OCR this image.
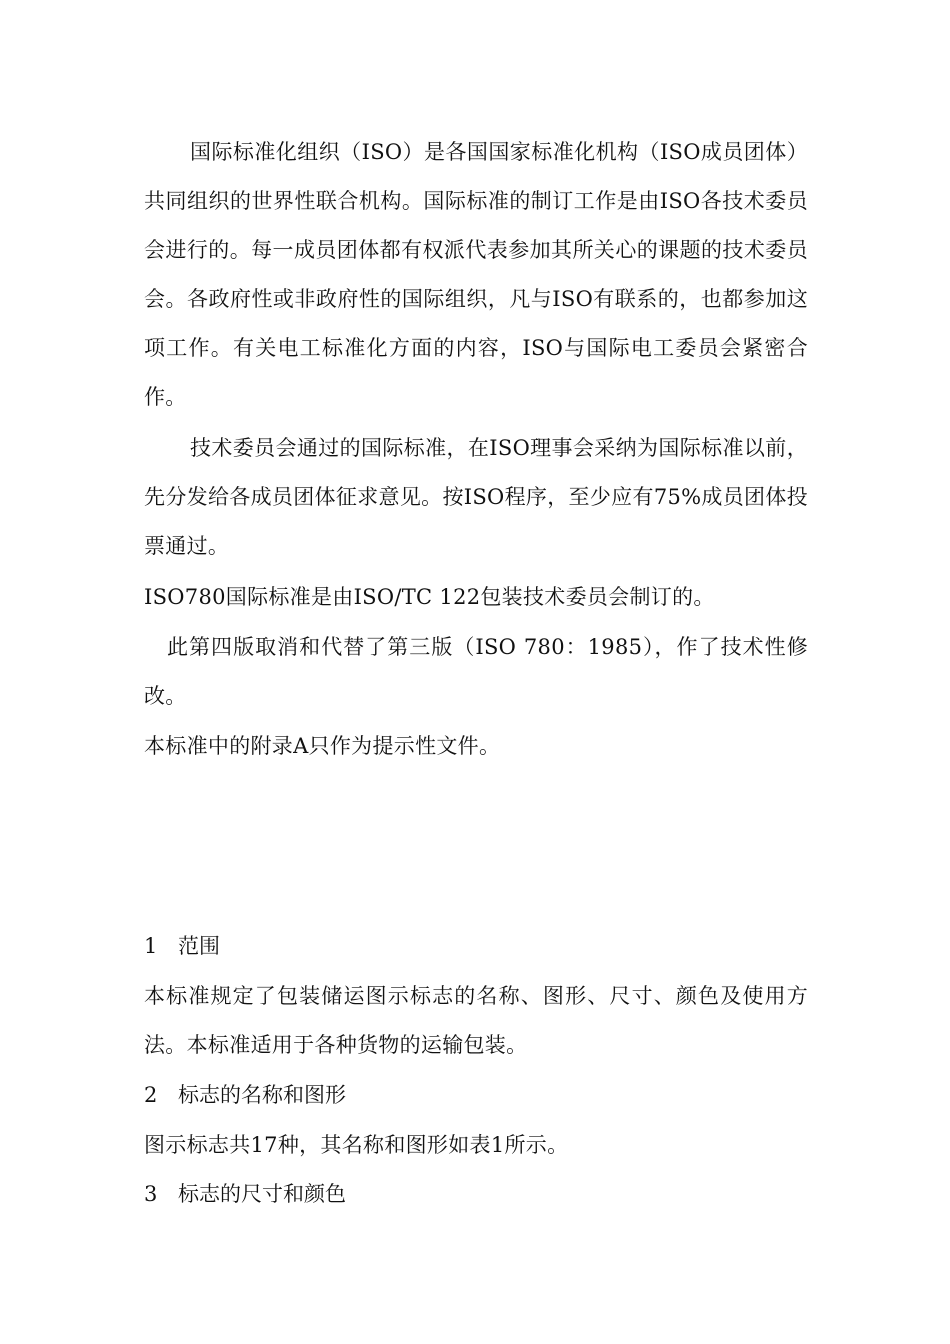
国际标准化组织（ISO）是各国国家标准化机构（ISO成员团体）共同组织的世界性联合机构。国际标准的制订工作是由ISO各技术委员会进行的。每一成员团体都有权派代表参加其所关心的课题的技术委员会。各政府性或非政府性的国际组织，凡与ISO有联系的，也都参加这项工作。有关电工标准化方面的内容，ISO与国际电工委员会紧密合作。

技术委员会通过的国际标准，在ISO理事会采纳为国际标准以前，先分发给各成员团体征求意见。按ISO程序，至少应有75%成员团体投票通过。

ISO780国际标准是由ISO/TC 122包装技术委员会制订的。

此第四版取消和代替了第三版（ISO 780：1985），作了技术性修改。

本标准中的附录A只作为提示性文件。

1 范围

本标准规定了包装储运图示标志的名称、图形、尺寸、颜色及使用方法。本标准适用于各种货物的运输包装。

2 标志的名称和图形

图示标志共17种，其名称和图形如表1所示。

3 标志的尺寸和颜色
